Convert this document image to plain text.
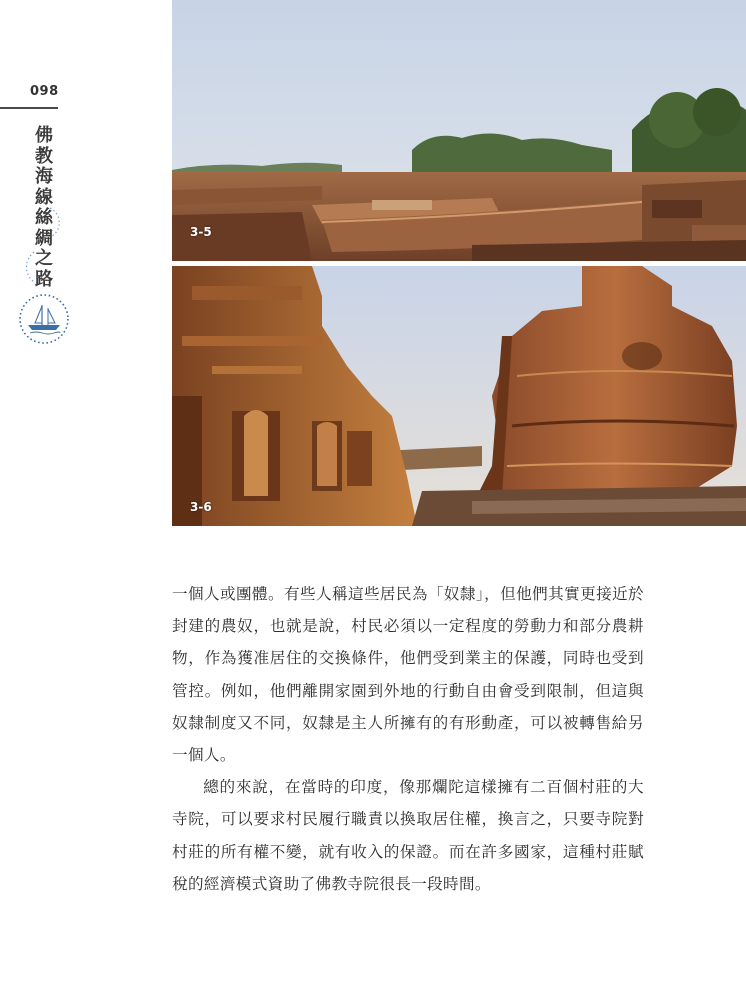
098
佛教海線絲綢之路
3-5
3-6

一個人或團體。有些人稱這些居民為「奴隸」，但他們其實更接近於封建的農奴，也就是說，村民必須以一定程度的勞動力和部分農耕物，作為獲准居住的交換條件，他們受到業主的保護，同時也受到管控。例如，他們離開家園到外地的行動自由會受到限制，但這與奴隸制度又不同，奴隸是主人所擁有的有形動產，可以被轉售給另一個人。

總的來說，在當時的印度，像那爛陀這樣擁有二百個村莊的大寺院，可以要求村民履行職責以換取居住權，換言之，只要寺院對村莊的所有權不變，就有收入的保證。而在許多國家，這種村莊賦稅的經濟模式資助了佛教寺院很長一段時間。
